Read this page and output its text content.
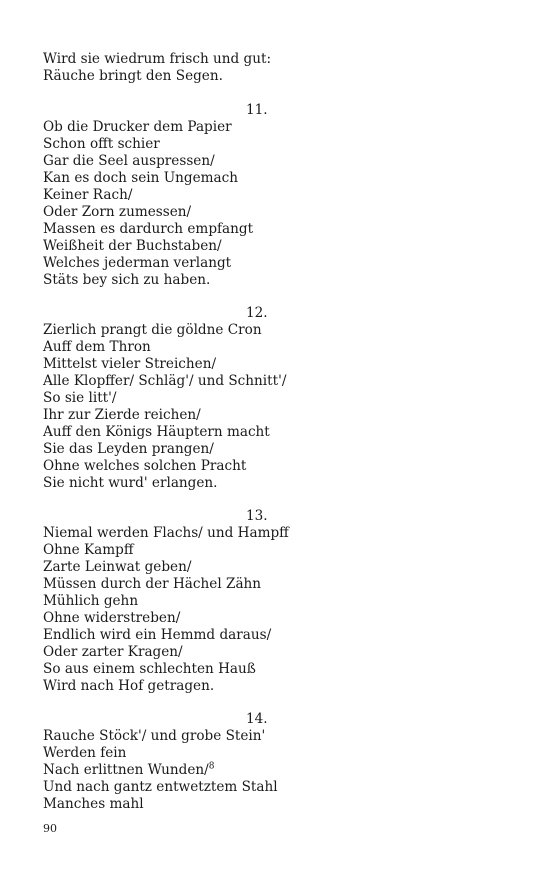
Wird sie wiedrum frisch und gut:
Räuche bringt den Segen.
11.
Ob die Drucker dem Papier
Schon offt schier
Gar die Seel auspressen/
Kan es doch sein Ungemach
Keiner Rach/
Oder Zorn zumessen/
Massen es dardurch empfangt
Weißheit der Buchstaben/
Welches jederman verlangt
Stäts bey sich zu haben.
12.
Zierlich prangt die göldne Cron
Auff dem Thron
Mittelst vieler Streichen/
Alle Klopffer/ Schläg'/ und Schnitt'/
So sie litt'/
Ihr zur Zierde reichen/
Auff den Königs Häuptern macht
Sie das Leyden prangen/
Ohne welches solchen Pracht
Sie nicht wurd' erlangen.
13.
Niemal werden Flachs/ und Hampff
Ohne Kampff
Zarte Leinwat geben/
Müssen durch der Hächel Zähn
Mühlich gehn
Ohne widerstreben/
Endlich wird ein Hemmd daraus/
Oder zarter Kragen/
So aus einem schlechten Hauß
Wird nach Hof getragen.
14.
Rauche Stöck'/ und grobe Stein'
Werden fein
Nach erlittnen Wunden/$^8$
Und nach gantz entwetztem Stahl
Manches mahl
90
